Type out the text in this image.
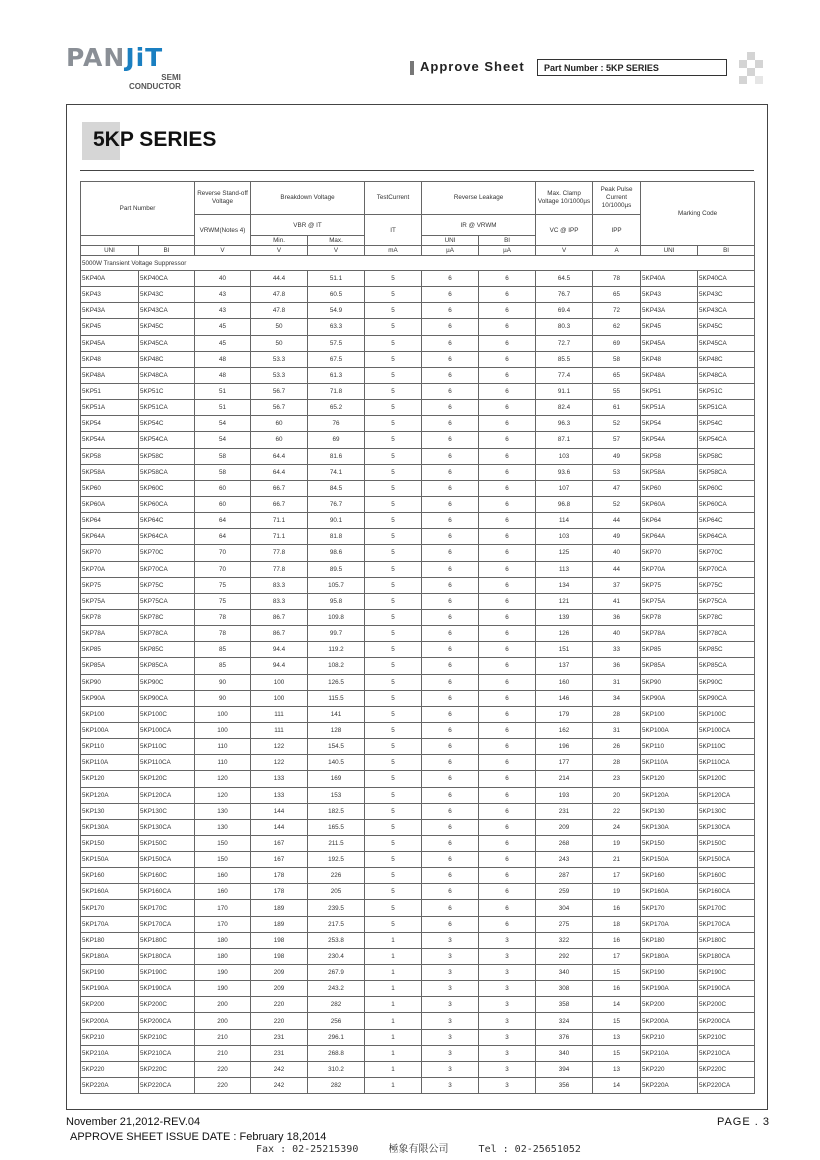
PANJiT
SEMI
CONDUCTOR
Approve Sheet	Part Number : 5KP SERIES
5KP SERIES
Part Number		Reverse Stand-off Voltage	Breakdown Voltage		TestCurrent	Reverse Leakage		Max. Clamp Voltage 10/1000µs	Peak Pulse Current 10/1000µs	Marking Code	
		VRWM(Notes 4)	VBR @ IT		IT	IR @ VRWM		VC @ IPP	IPP		
			Min.	Max.		UNI	BI				
UNI	BI	V	V	V	mA	µA	µA	V	A	UNI	BI
5000W Transient Voltage Suppressor											
5KP40A	5KP40CA	40	44.4	51.1	5	6	6	64.5	78	5KP40A	5KP40CA
5KP43	5KP43C	43	47.8	60.5	5	6	6	76.7	65	5KP43	5KP43C
5KP43A	5KP43CA	43	47.8	54.9	5	6	6	69.4	72	5KP43A	5KP43CA
5KP45	5KP45C	45	50	63.3	5	6	6	80.3	62	5KP45	5KP45C
5KP45A	5KP45CA	45	50	57.5	5	6	6	72.7	69	5KP45A	5KP45CA
5KP48	5KP48C	48	53.3	67.5	5	6	6	85.5	58	5KP48	5KP48C
5KP48A	5KP48CA	48	53.3	61.3	5	6	6	77.4	65	5KP48A	5KP48CA
5KP51	5KP51C	51	56.7	71.8	5	6	6	91.1	55	5KP51	5KP51C
5KP51A	5KP51CA	51	56.7	65.2	5	6	6	82.4	61	5KP51A	5KP51CA
5KP54	5KP54C	54	60	76	5	6	6	96.3	52	5KP54	5KP54C
5KP54A	5KP54CA	54	60	69	5	6	6	87.1	57	5KP54A	5KP54CA
5KP58	5KP58C	58	64.4	81.6	5	6	6	103	49	5KP58	5KP58C
5KP58A	5KP58CA	58	64.4	74.1	5	6	6	93.6	53	5KP58A	5KP58CA
5KP60	5KP60C	60	66.7	84.5	5	6	6	107	47	5KP60	5KP60C
5KP60A	5KP60CA	60	66.7	76.7	5	6	6	96.8	52	5KP60A	5KP60CA
5KP64	5KP64C	64	71.1	90.1	5	6	6	114	44	5KP64	5KP64C
5KP64A	5KP64CA	64	71.1	81.8	5	6	6	103	49	5KP64A	5KP64CA
5KP70	5KP70C	70	77.8	98.6	5	6	6	125	40	5KP70	5KP70C
5KP70A	5KP70CA	70	77.8	89.5	5	6	6	113	44	5KP70A	5KP70CA
5KP75	5KP75C	75	83.3	105.7	5	6	6	134	37	5KP75	5KP75C
5KP75A	5KP75CA	75	83.3	95.8	5	6	6	121	41	5KP75A	5KP75CA
5KP78	5KP78C	78	86.7	109.8	5	6	6	139	36	5KP78	5KP78C
5KP78A	5KP78CA	78	86.7	99.7	5	6	6	126	40	5KP78A	5KP78CA
5KP85	5KP85C	85	94.4	119.2	5	6	6	151	33	5KP85	5KP85C
5KP85A	5KP85CA	85	94.4	108.2	5	6	6	137	36	5KP85A	5KP85CA
5KP90	5KP90C	90	100	126.5	5	6	6	160	31	5KP90	5KP90C
5KP90A	5KP90CA	90	100	115.5	5	6	6	146	34	5KP90A	5KP90CA
5KP100	5KP100C	100	111	141	5	6	6	179	28	5KP100	5KP100C
5KP100A	5KP100CA	100	111	128	5	6	6	162	31	5KP100A	5KP100CA
5KP110	5KP110C	110	122	154.5	5	6	6	196	26	5KP110	5KP110C
5KP110A	5KP110CA	110	122	140.5	5	6	6	177	28	5KP110A	5KP110CA
5KP120	5KP120C	120	133	169	5	6	6	214	23	5KP120	5KP120C
5KP120A	5KP120CA	120	133	153	5	6	6	193	20	5KP120A	5KP120CA
5KP130	5KP130C	130	144	182.5	5	6	6	231	22	5KP130	5KP130C
5KP130A	5KP130CA	130	144	165.5	5	6	6	209	24	5KP130A	5KP130CA
5KP150	5KP150C	150	167	211.5	5	6	6	268	19	5KP150	5KP150C
5KP150A	5KP150CA	150	167	192.5	5	6	6	243	21	5KP150A	5KP150CA
5KP160	5KP160C	160	178	226	5	6	6	287	17	5KP160	5KP160C
5KP160A	5KP160CA	160	178	205	5	6	6	259	19	5KP160A	5KP160CA
5KP170	5KP170C	170	189	239.5	5	6	6	304	16	5KP170	5KP170C
5KP170A	5KP170CA	170	189	217.5	5	6	6	275	18	5KP170A	5KP170CA
5KP180	5KP180C	180	198	253.8	1	3	3	322	16	5KP180	5KP180C
5KP180A	5KP180CA	180	198	230.4	1	3	3	292	17	5KP180A	5KP180CA
5KP190	5KP190C	190	209	267.9	1	3	3	340	15	5KP190	5KP190C
5KP190A	5KP190CA	190	209	243.2	1	3	3	308	16	5KP190A	5KP190CA
5KP200	5KP200C	200	220	282	1	3	3	358	14	5KP200	5KP200C
5KP200A	5KP200CA	200	220	256	1	3	3	324	15	5KP200A	5KP200CA
5KP210	5KP210C	210	231	296.1	1	3	3	376	13	5KP210	5KP210C
5KP210A	5KP210CA	210	231	268.8	1	3	3	340	15	5KP210A	5KP210CA
5KP220	5KP220C	220	242	310.2	1	3	3	394	13	5KP220	5KP220C
5KP220A	5KP220CA	220	242	282	1	3	3	356	14	5KP220A	5KP220CA
November 21,2012-REV.04	PAGE . 3
APPROVE SHEET ISSUE DATE : February 18,2014
Fax : 02-25215390     極象有限公司     Tel : 02-25651052
